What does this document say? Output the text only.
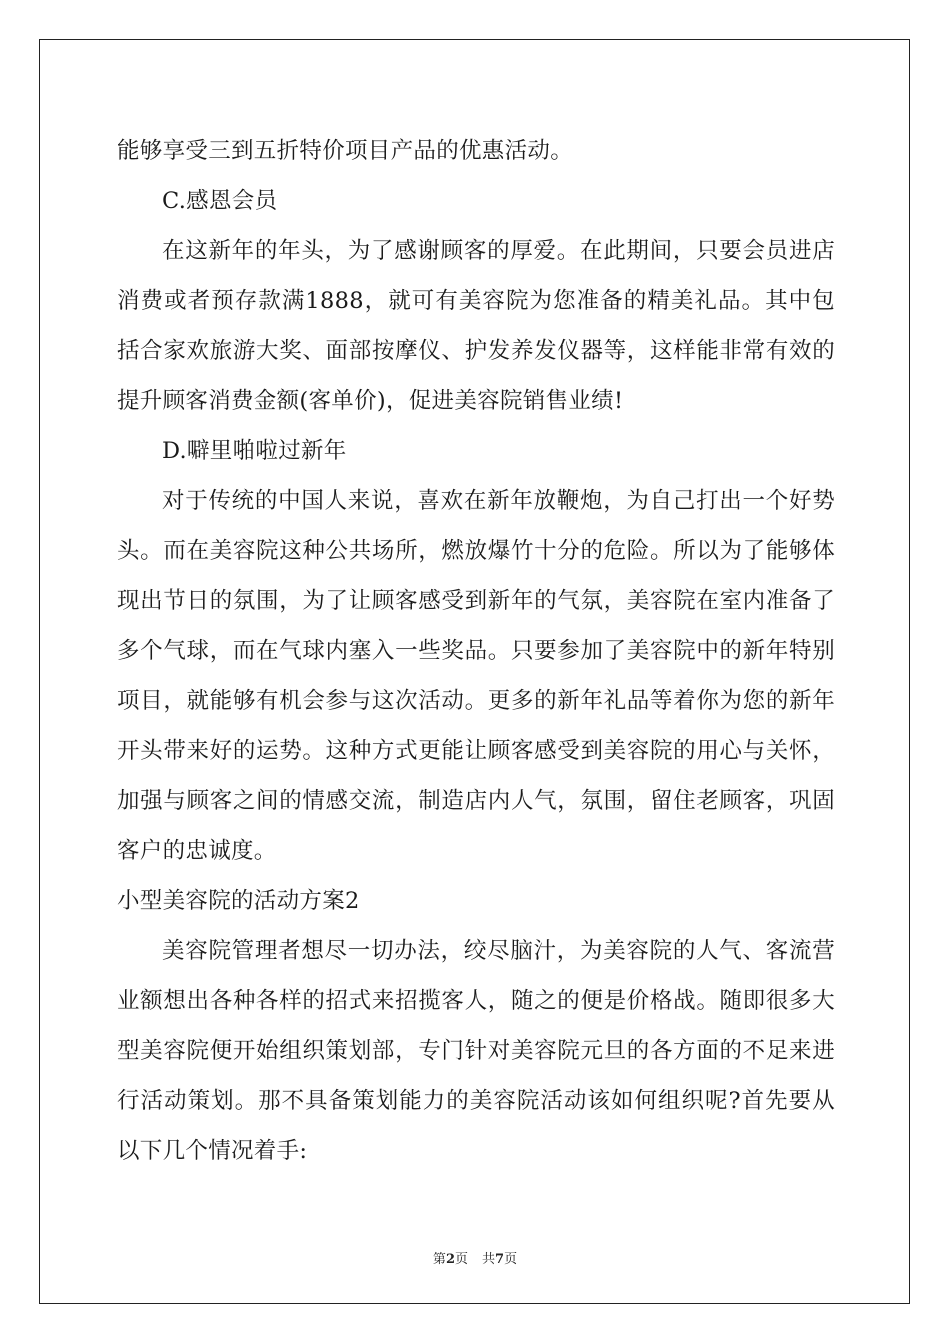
能够享受三到五折特价项目产品的优惠活动。

C.感恩会员

在这新年的年头，为了感谢顾客的厚爱。在此期间，只要会员进店消费或者预存款满1888，就可有美容院为您准备的精美礼品。其中包括合家欢旅游大奖、面部按摩仪、护发养发仪器等，这样能非常有效的提升顾客消费金额(客单价)，促进美容院销售业绩!

D.噼里啪啦过新年

对于传统的中国人来说，喜欢在新年放鞭炮，为自己打出一个好势头。而在美容院这种公共场所，燃放爆竹十分的危险。所以为了能够体现出节日的氛围，为了让顾客感受到新年的气氛，美容院在室内准备了多个气球，而在气球内塞入一些奖品。只要参加了美容院中的新年特别项目，就能够有机会参与这次活动。更多的新年礼品等着你为您的新年开头带来好的运势。这种方式更能让顾客感受到美容院的用心与关怀，加强与顾客之间的情感交流，制造店内人气，氛围，留住老顾客，巩固客户的忠诚度。

小型美容院的活动方案2

美容院管理者想尽一切办法，绞尽脑汁，为美容院的人气、客流营业额想出各种各样的招式来招揽客人，随之的便是价格战。随即很多大型美容院便开始组织策划部，专门针对美容院元旦的各方面的不足来进行活动策划。那不具备策划能力的美容院活动该如何组织呢?首先要从以下几个情况着手:

第2页 共7页
